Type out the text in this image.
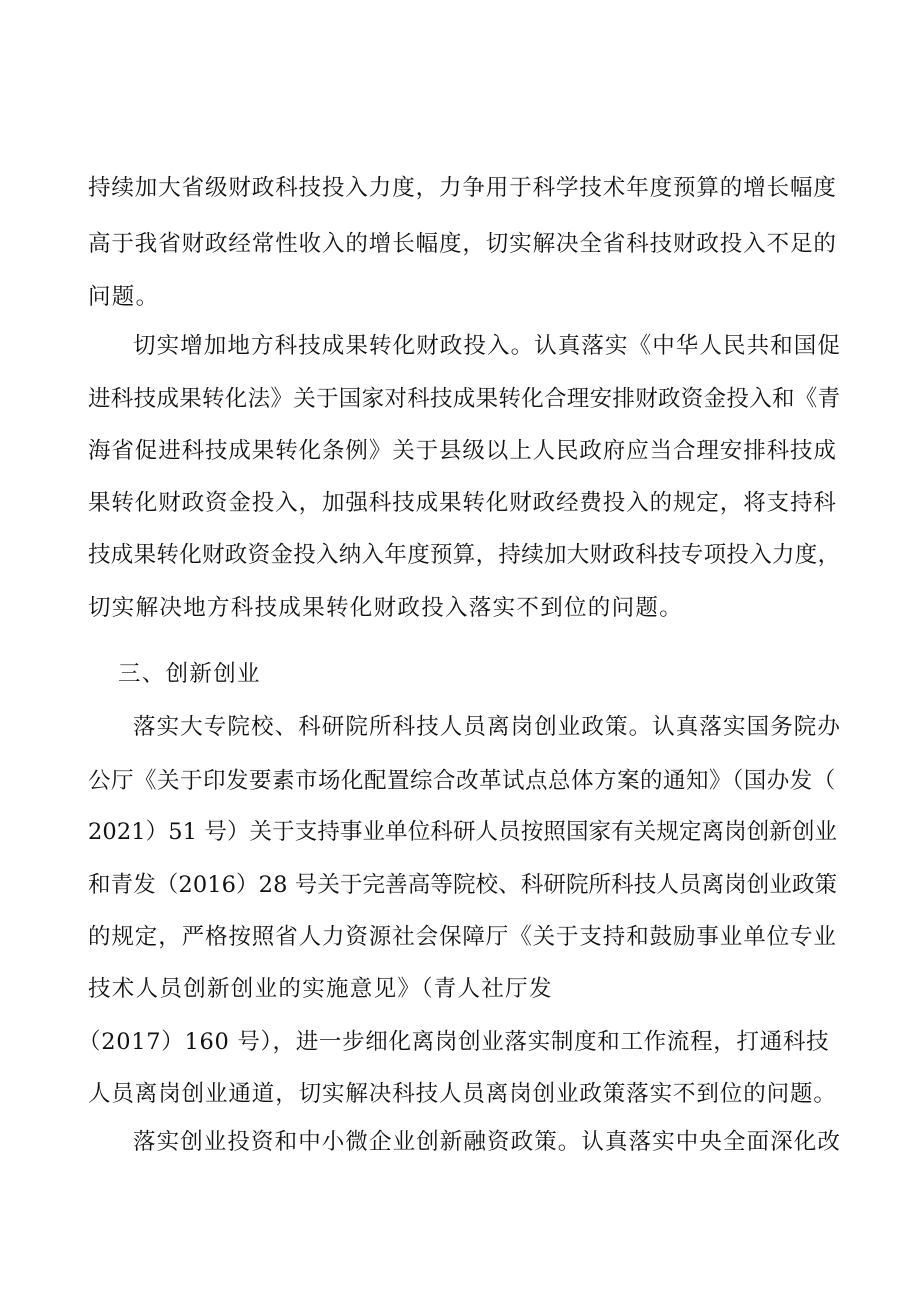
持续加大省级财政科技投入力度，力争用于科学技术年度预算的增长幅度
高于我省财政经常性收入的增长幅度，切实解决全省科技财政投入不足的
问题。
切实增加地方科技成果转化财政投入。认真落实《中华人民共和国促
进科技成果转化法》关于国家对科技成果转化合理安排财政资金投入和《青
海省促进科技成果转化条例》关于县级以上人民政府应当合理安排科技成
果转化财政资金投入，加强科技成果转化财政经费投入的规定，将支持科
技成果转化财政资金投入纳入年度预算，持续加大财政科技专项投入力度，
切实解决地方科技成果转化财政投入落实不到位的问题。
三、创新创业
落实大专院校、科研院所科技人员离岗创业政策。认真落实国务院办
公厅《关于印发要素市场化配置综合改革试点总体方案的通知》（国办发（
2021）51 号）关于支持事业单位科研人员按照国家有关规定离岗创新创业
和青发（2016）28 号关于完善高等院校、科研院所科技人员离岗创业政策
的规定，严格按照省人力资源社会保障厅《关于支持和鼓励事业单位专业
技术人员创新创业的实施意见》（青人社厅发
（2017）160 号），进一步细化离岗创业落实制度和工作流程，打通科技
人员离岗创业通道，切实解决科技人员离岗创业政策落实不到位的问题。
落实创业投资和中小微企业创新融资政策。认真落实中央全面深化改
